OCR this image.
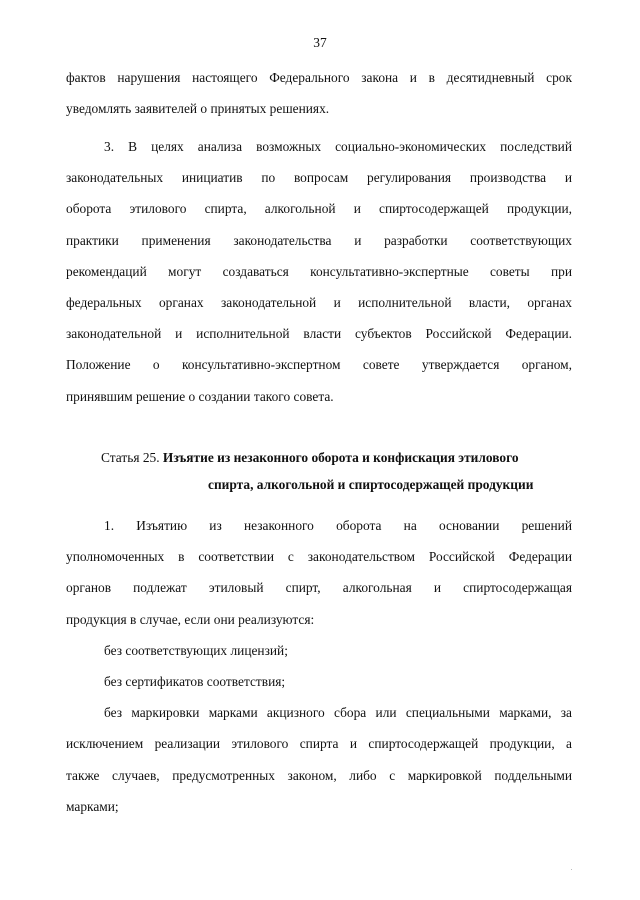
37
фактов нарушения настоящего Федерального закона и в десятидневный срок
уведомлять заявителей о принятых решениях.
3. В целях анализа возможных социально-экономических последствий
законодательных инициатив по вопросам регулирования производства и
оборота этилового спирта, алкогольной и спиртосодержащей продукции,
практики применения законодательства и разработки соответствующих
рекомендаций могут создаваться консультативно-экспертные советы при
федеральных органах законодательной и исполнительной власти, органах
законодательной и исполнительной власти субъектов Российской Федерации.
Положение о консультативно-экспертном совете утверждается органом,
принявшим решение о создании такого совета.
Статья 25. Изъятие из незаконного оборота и конфискация этилового
спирта, алкогольной и спиртосодержащей продукции
1. Изъятию из незаконного оборота на основании решений
уполномоченных в соответствии с законодательством Российской Федерации
органов подлежат этиловый спирт, алкогольная и спиртосодержащая
продукция в случае, если они реализуются:
без соответствующих лицензий;
без сертификатов соответствия;
без маркировки марками акцизного сбора или специальными марками, за
исключением реализации этилового спирта и спиртосодержащей продукции, а
также случаев, предусмотренных законом, либо с маркировкой поддельными
марками;
